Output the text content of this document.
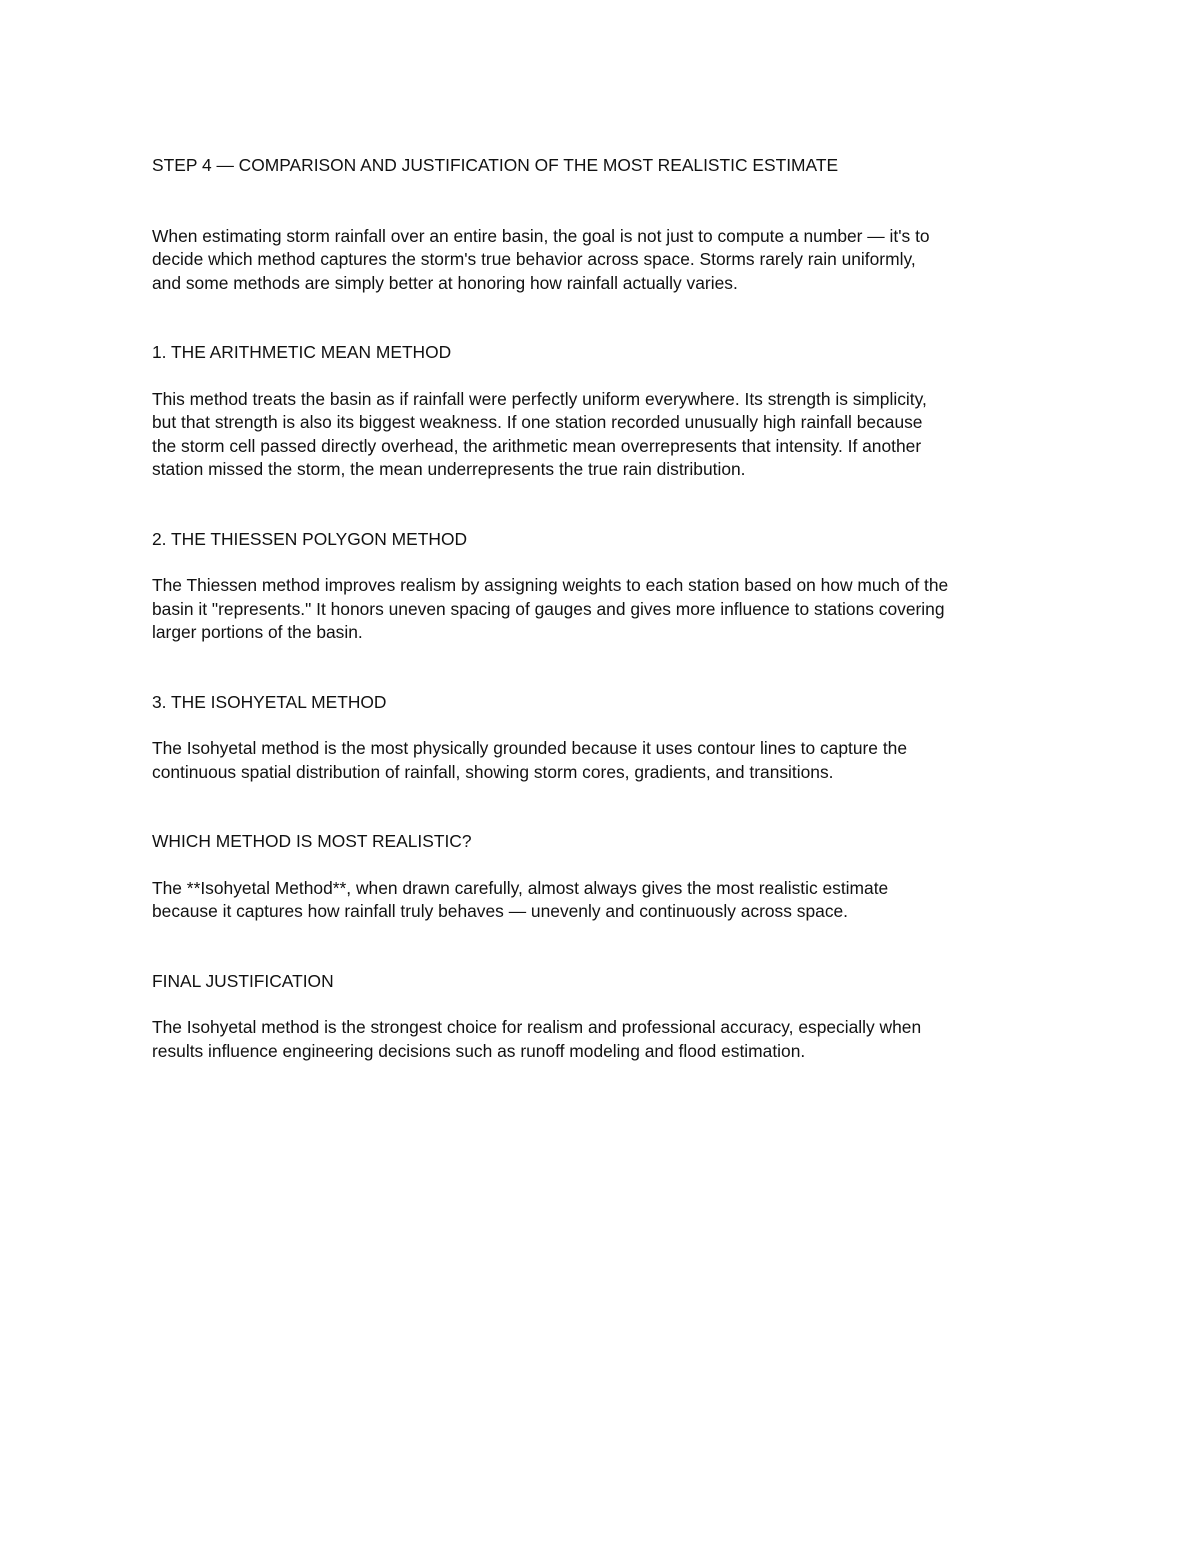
STEP 4 — COMPARISON AND JUSTIFICATION OF THE MOST REALISTIC ESTIMATE

When estimating storm rainfall over an entire basin, the goal is not just to compute a number — it's to
decide which method captures the storm's true behavior across space. Storms rarely rain uniformly,
and some methods are simply better at honoring how rainfall actually varies.

1. THE ARITHMETIC MEAN METHOD

This method treats the basin as if rainfall were perfectly uniform everywhere. Its strength is simplicity,
but that strength is also its biggest weakness. If one station recorded unusually high rainfall because
the storm cell passed directly overhead, the arithmetic mean overrepresents that intensity. If another
station missed the storm, the mean underrepresents the true rain distribution.

2. THE THIESSEN POLYGON METHOD

The Thiessen method improves realism by assigning weights to each station based on how much of the
basin it "represents." It honors uneven spacing of gauges and gives more influence to stations covering
larger portions of the basin.

3. THE ISOHYETAL METHOD

The Isohyetal method is the most physically grounded because it uses contour lines to capture the
continuous spatial distribution of rainfall, showing storm cores, gradients, and transitions.

WHICH METHOD IS MOST REALISTIC?

The **Isohyetal Method**, when drawn carefully, almost always gives the most realistic estimate
because it captures how rainfall truly behaves — unevenly and continuously across space.

FINAL JUSTIFICATION

The Isohyetal method is the strongest choice for realism and professional accuracy, especially when
results influence engineering decisions such as runoff modeling and flood estimation.
